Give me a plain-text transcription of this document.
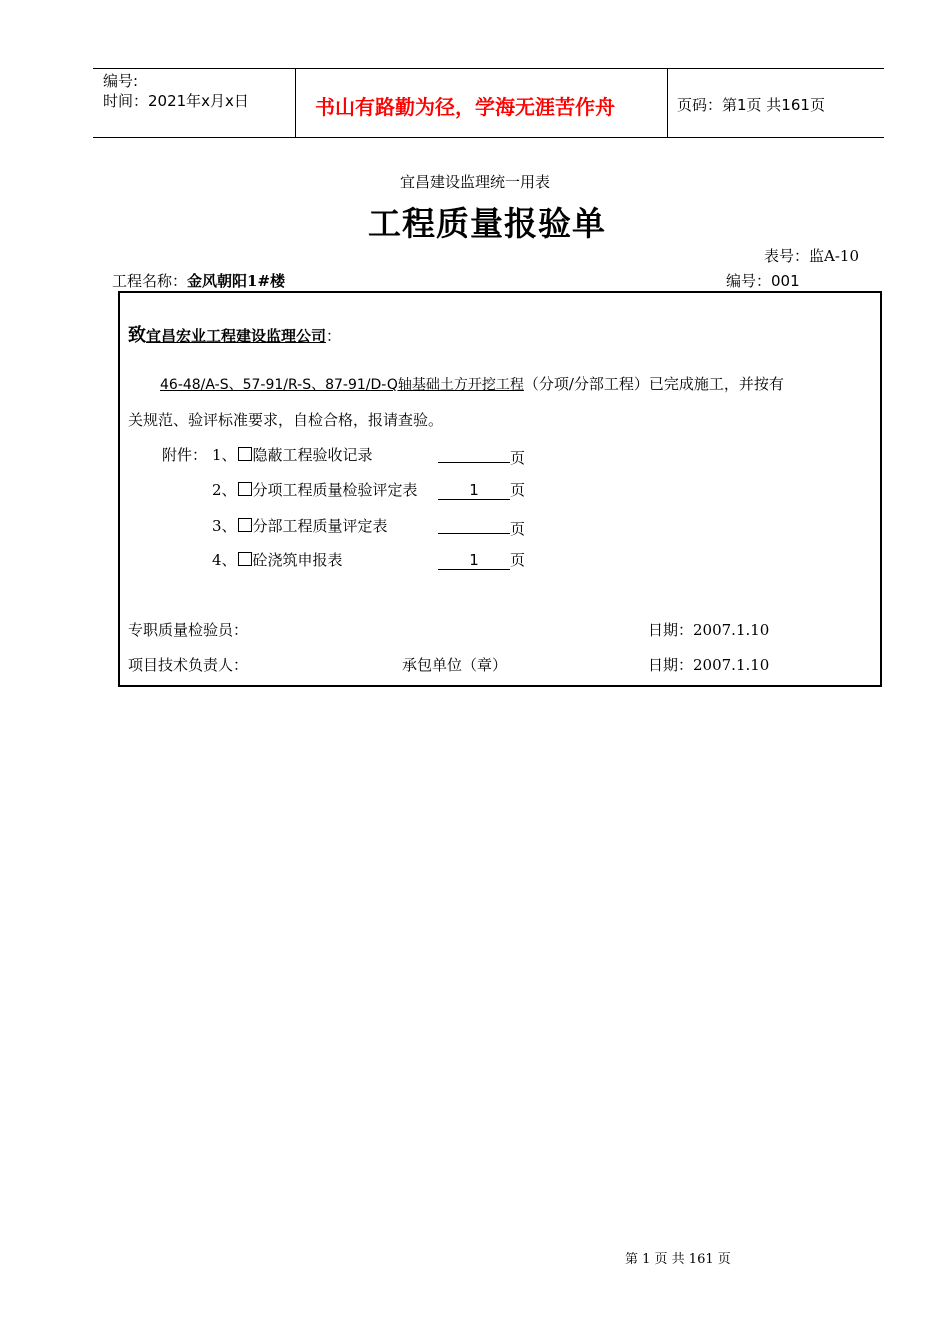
编号:
时间：2021年x月x日	书山有路勤为径，学海无涯苦作舟	页码：第1页 共161页
宜昌建设监理统一用表
工程质量报验单
表号：监A-10
工程名称：金风朝阳1#楼	编号：001
致宜昌宏业工程建设监理公司：
46-48/A-S、57-91/R-S、87-91/D-Q轴基础土方开挖工程（分项/分部工程）已完成施工，并按有
关规范、验评标准要求，自检合格，报请查验。
附件： 1、 隐蔽工程验收记录	页
2、 分项工程质量检验评定表	1 页
3、 分部工程质量评定表	页
4、 砼浇筑申报表	1 页
专职质量检验员：	日期：2007.1.10
项目技术负责人：	承包单位（章）	日期：2007.1.10
第 1 页 共 161 页
